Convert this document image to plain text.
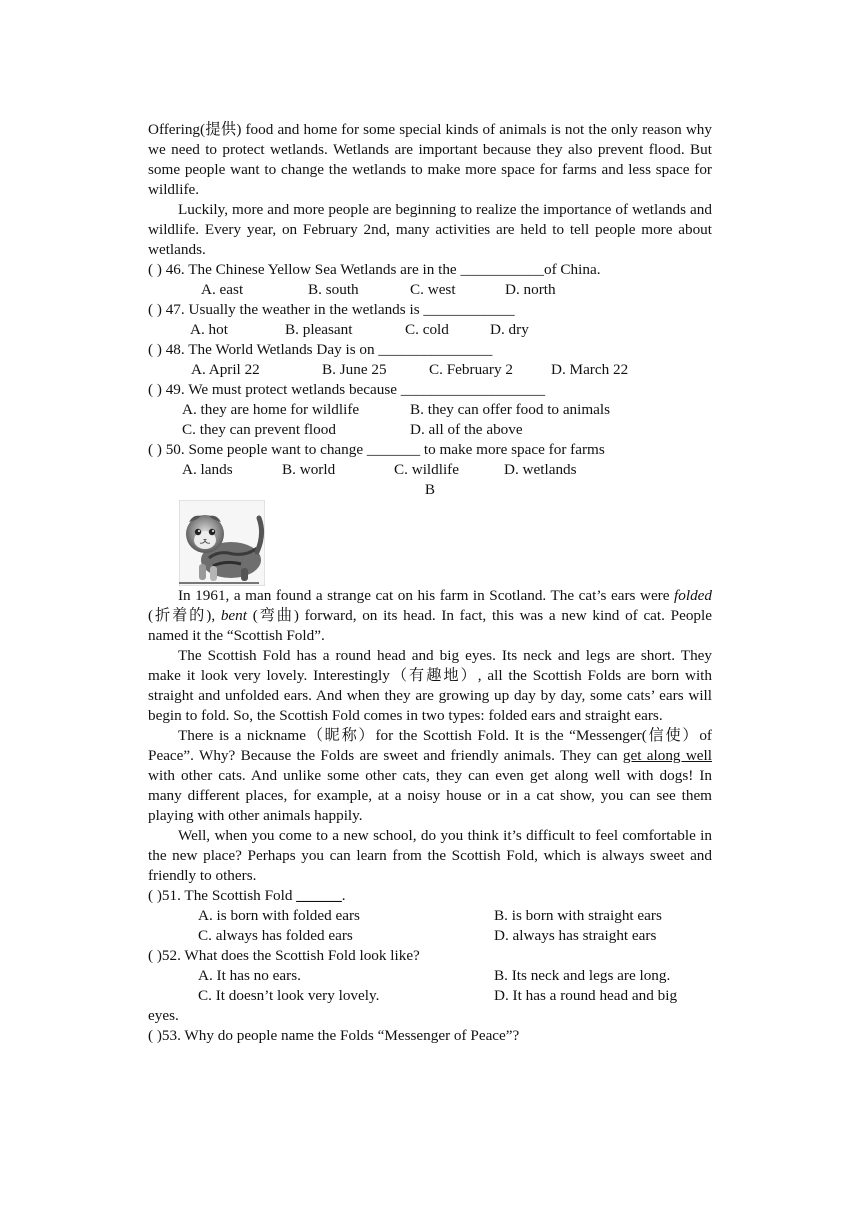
Offering(提供) food and home for some special kinds of animals is not the only reason why we need to protect wetlands. Wetlands are important because they also prevent flood. But some people want to change the wetlands to make more space for farms and less space for wildlife.

Luckily, more and more people are beginning to realize the importance of wetlands and wildlife. Every year, on February 2nd, many activities are held to tell people more about wetlands.

( ) 46. The Chinese Yellow Sea Wetlands are in the ___________of China.

A. east	B. south	C. west	D. north

( ) 47. Usually the weather in the wetlands is ____________

A. hot	B. pleasant	C. cold	D. dry

( ) 48. The World Wetlands Day is on _______________

A. April 22	B. June 25	C. February 2	D. March 22

( ) 49. We must protect wetlands because ___________________

A. they are home for wildlife	B. they can offer food to animals
C. they can prevent flood	D. all of the above

( ) 50. Some people want to change _______ to make more space for farms

A. lands	B. world	C. wildlife	D. wetlands

B

In 1961, a man found a strange cat on his farm in Scotland. The cat’s ears were folded (折着的), bent (弯曲) forward, on its head. In fact, this was a new kind of cat. People named it the “Scottish Fold”.

The Scottish Fold has a round head and big eyes. Its neck and legs are short. They make it look very lovely. Interestingly（有趣地）, all the Scottish Folds are born with straight and unfolded ears. And when they are growing up day by day, some cats’ ears will begin to fold. So, the Scottish Fold comes in two types: folded ears and straight ears.

There is a nickname（昵称）for the Scottish Fold. It is the “Messenger(信使）of Peace”. Why? Because the Folds are sweet and friendly animals. They can get along well with other cats. And unlike some other cats, they can even get along well with dogs! In many different places, for example, at a noisy house or in a cat show, you can see them playing with other animals happily.

Well, when you come to a new school, do you think it’s difficult to feel comfortable in the new place? Perhaps you can learn from the Scottish Fold, which is always sweet and friendly to others.

( )51. The Scottish Fold ______.

A. is born with folded ears	B. is born with straight ears
C. always has folded ears	D. always has straight ears

( )52. What does the Scottish Fold look like?

A. It has no ears.	B. Its neck and legs are long.
C. It doesn’t look very lovely.	D. It has a round head and big

eyes.

( )53. Why do people name the Folds “Messenger of Peace”?
